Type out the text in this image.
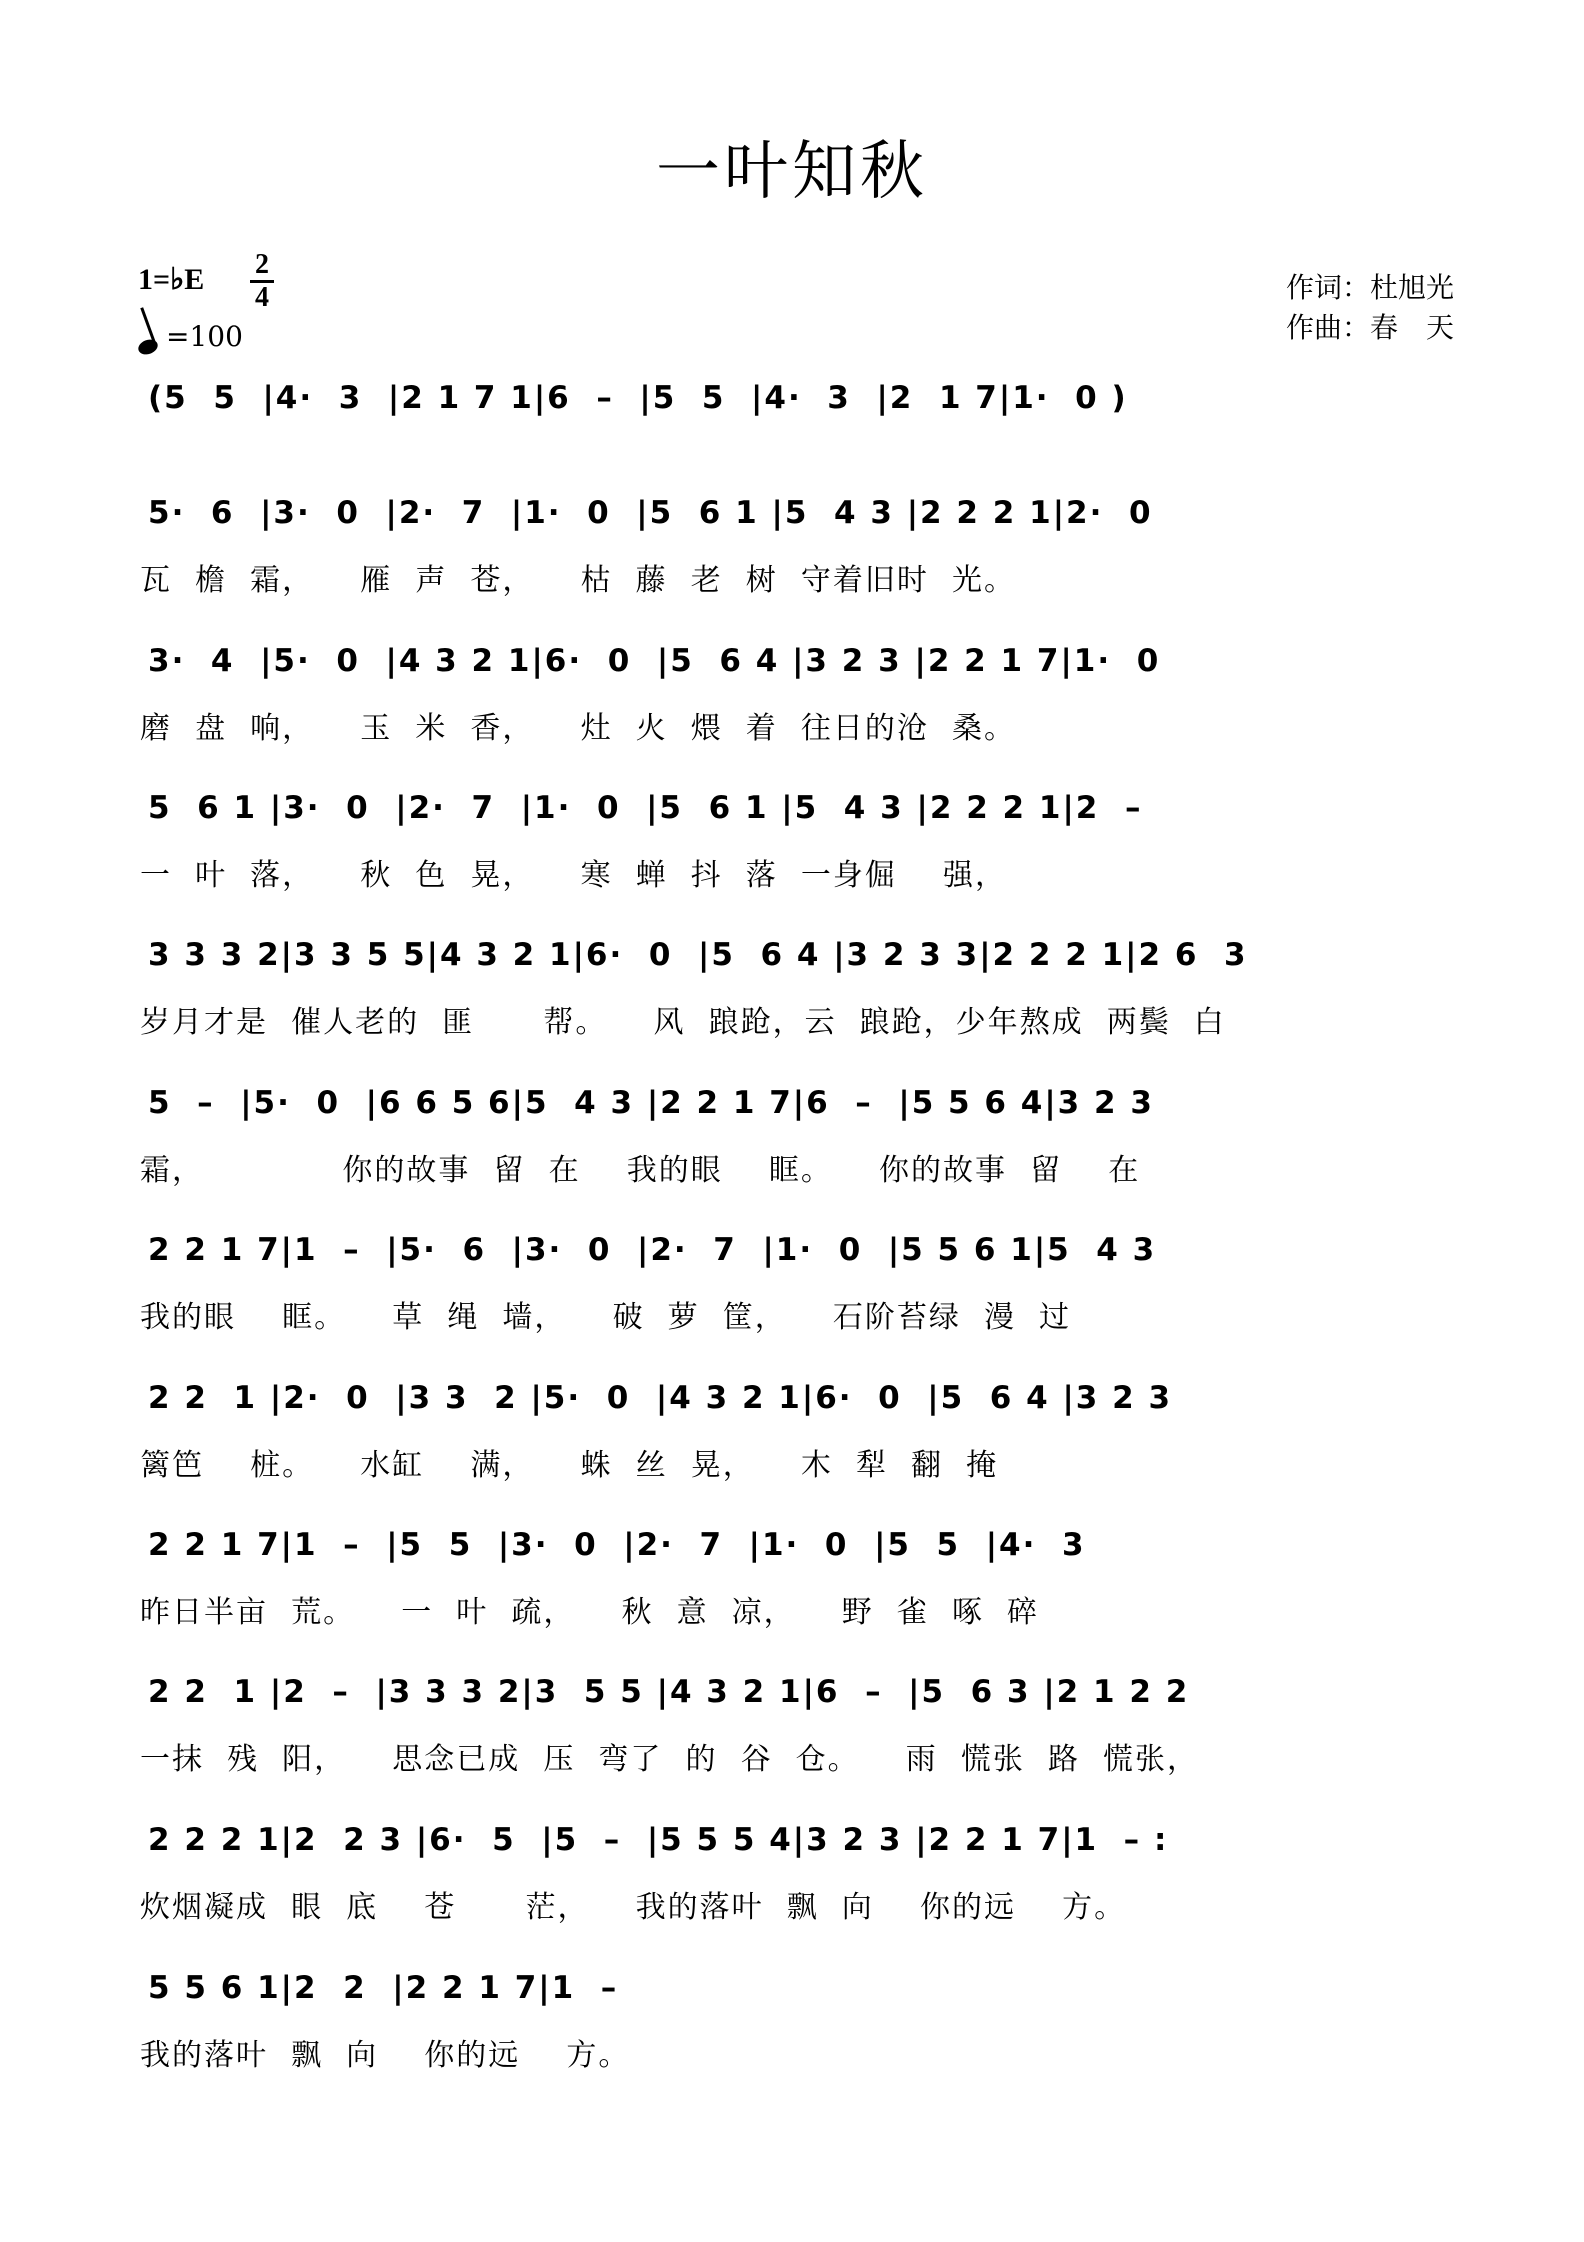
一叶知秋
1=♭E 2
4
=100
作词：杜旭光
作曲：春　天
(5  5  |4·  3  |2 1 7 1|6  –  |5  5  |4·  3  |2  1 7|1·  0 )
5·  6  |3·  0  |2·  7  |1·  0  |5  6 1 |5  4 3 |2 2 2 1|2·  0
瓦  檐  霜，    雁  声  苍，    枯  藤  老  树  守着旧时  光。
3·  4  |5·  0  |4 3 2 1|6·  0  |5  6 4 |3 2 3 |2 2 1 7|1·  0
磨  盘  响，    玉  米  香，    灶  火  煨  着  往日的沧  桑。
5  6 1 |3·  0  |2·  7  |1·  0  |5  6 1 |5  4 3 |2 2 2 1|2  –
一  叶  落，    秋  色  晃，    寒  蝉  抖  落  一身倔    强，
3 3 3 2|3 3 5 5|4 3 2 1|6·  0  |5  6 4 |3 2 3 3|2 2 2 1|2 6  3
岁月才是  催人老的  匪      帮。    风  踉跄，云  踉跄，少年熬成  两鬓  白
5  –  |5·  0  |6 6 5 6|5  4 3 |2 2 1 7|6  –  |5 5 6 4|3 2 3
霜，            你的故事  留  在    我的眼    眶。    你的故事  留    在
2 2 1 7|1  –  |5·  6  |3·  0  |2·  7  |1·  0  |5 5 6 1|5  4 3
我的眼    眶。    草  绳  墙，    破  萝  筐，    石阶苔绿  漫  过
2 2  1 |2·  0  |3 3  2 |5·  0  |4 3 2 1|6·  0  |5  6 4 |3 2 3
篱笆    桩。    水缸    满，    蛛  丝  晃，    木  犁  翻  掩
2 2 1 7|1  –  |5  5  |3·  0  |2·  7  |1·  0  |5  5  |4·  3
昨日半亩  荒。    一  叶  疏，    秋  意  凉，    野  雀  啄  碎
2 2  1 |2  –  |3 3 3 2|3  5 5 |4 3 2 1|6  –  |5  6 3 |2 1 2 2
一抹  残  阳，    思念已成  压  弯了  的  谷  仓。    雨  慌张  路  慌张，
2 2 2 1|2  2 3 |6·  5  |5  –  |5 5 5 4|3 2 3 |2 2 1 7|1  – :
炊烟凝成  眼  底    苍      茫，    我的落叶  飘  向    你的远    方。
5 5 6 1|2  2  |2 2 1 7|1  –
我的落叶  飘  向    你的远    方。
